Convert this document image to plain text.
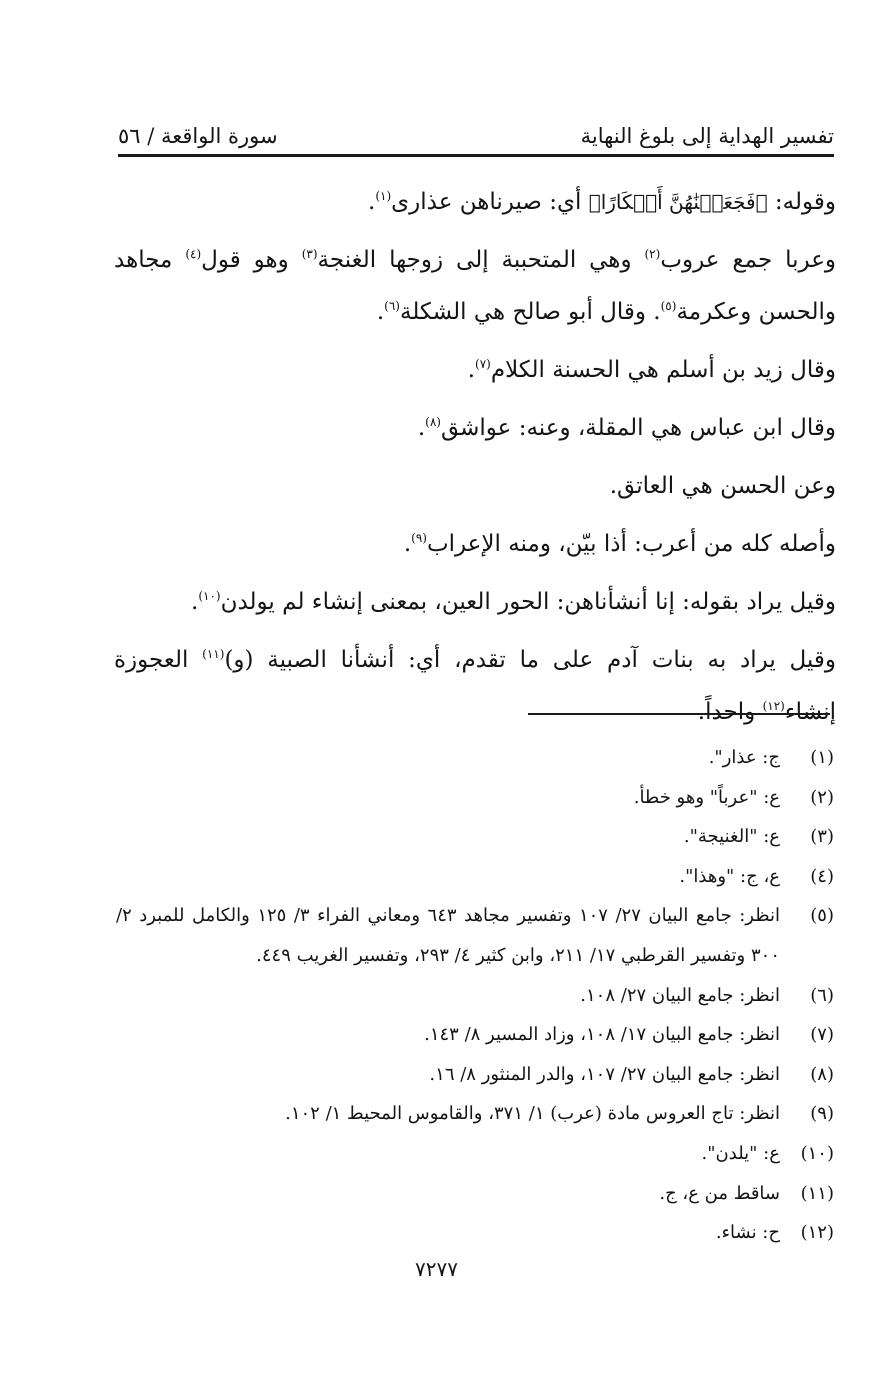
تفسير الهداية إلى بلوغ النهاية
سورة الواقعة / ٥٦

وقوله: ﴿فَجَعَلۡنَٰهُنَّ أَبۡكَارًا﴾ أي: صيرناهن عذارى$^{(١)}$.

وعربا جمع عروب$^{(٢)}$ وهي المتحببة إلى زوجها الغنجة$^{(٣)}$ وهو قول$^{(٤)}$ مجاهد والحسن وعكرمة$^{(٥)}$. وقال أبو صالح هي الشكلة$^{(٦)}$.

وقال زيد بن أسلم هي الحسنة الكلام$^{(٧)}$.

وقال ابن عباس هي المقلة، وعنه: عواشق$^{(٨)}$.

وعن الحسن هي العاتق.

وأصله كله من أعرب: أذا بيّن، ومنه الإعراب$^{(٩)}$.

وقيل يراد بقوله: إنا أنشأناهن: الحور العين، بمعنى إنشاء لم يولدن$^{(١٠)}$.

وقيل يراد به بنات آدم على ما تقدم، أي: أنشأنا الصبية (و)$^{(١١)}$ العجوزة إنشاء$^{(١٢)}$ واحداً.

(١)
ج: عذار".
(٢)
ع: "عرباً" وهو خطأ.
(٣)
ع: "الغنيجة".
(٤)
ع، ج: "وهذا".
(٥)
انظر: جامع البيان ٢٧/ ١٠٧ وتفسير مجاهد ٦٤٣ ومعاني الفراء ٣/ ١٢٥ والكامل للمبرد ٢/ ٣٠٠ وتفسير القرطبي ١٧/ ٢١١، وابن كثير ٤/ ٢٩٣، وتفسير الغريب ٤٤٩.
(٦)
انظر: جامع البيان ٢٧/ ١٠٨.
(٧)
انظر: جامع البيان ١٧/ ١٠٨، وزاد المسير ٨/ ١٤٣.
(٨)
انظر: جامع البيان ٢٧/ ١٠٧، والدر المنثور ٨/ ١٦.
(٩)
انظر: تاج العروس مادة (عرب) ١/ ٣٧١، والقاموس المحيط ١/ ١٠٢.
(١٠)
ع: "يلدن".
(١١)
ساقط من ع، ج.
(١٢)
ح: نشاء.
٧٢٧٧
